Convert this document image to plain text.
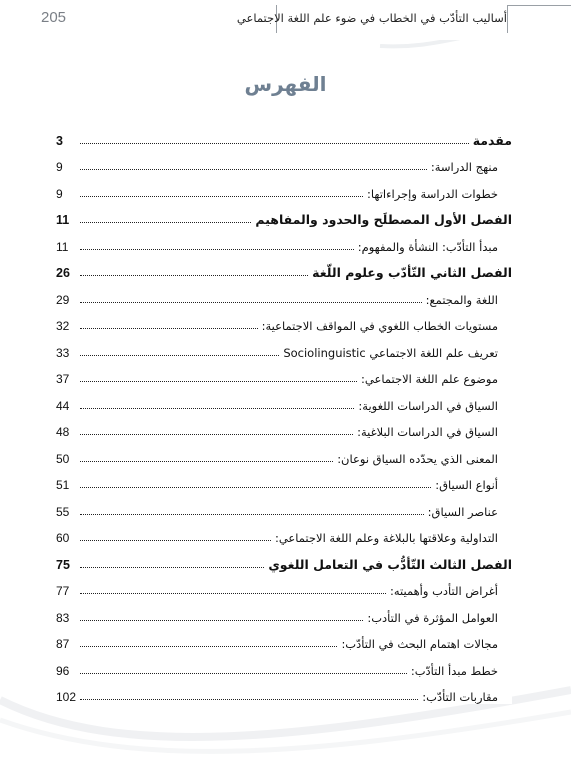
205	أساليب التأدّب في الخطاب في ضوء علم اللغة الاجتماعي
الفهرس
مقدمة
3
منهج الدراسة:
9
خطوات الدراسة وإجراءاتها:
9
الفصل الأول المصطلَح والحدود والمفاهيم
11
مبدأ التأدّب: النشأة والمفهوم:
11
الفصل الثاني التّأدّب وعلوم اللّغة
26
اللغة والمجتمع:
29
مستويات الخطاب اللغوي في المواقف الاجتماعية:
32
تعريف علم اللغة الاجتماعي Sociolinguistic
33
موضوع علم اللغة الاجتماعي:
37
السياق في الدراسات اللغوية:
44
السياق في الدراسات البلاغية:
48
المعنى الذي يحدّده السياق نوعان:
50
أنواع السياق:
51
عناصر السياق:
55
التداولية وعلاقتها بالبلاغة وعلم اللغة الاجتماعي:
60
الفصل الثالث التّأدُّب في التعامل اللغوي
75
أغراض التأدب وأهميته:
77
العوامل المؤثرة في التأدب:
83
مجالات اهتمام البحث في التأدّب:
87
خطط مبدأ التأدّب:
96
مقاربات التأدّب:
102
